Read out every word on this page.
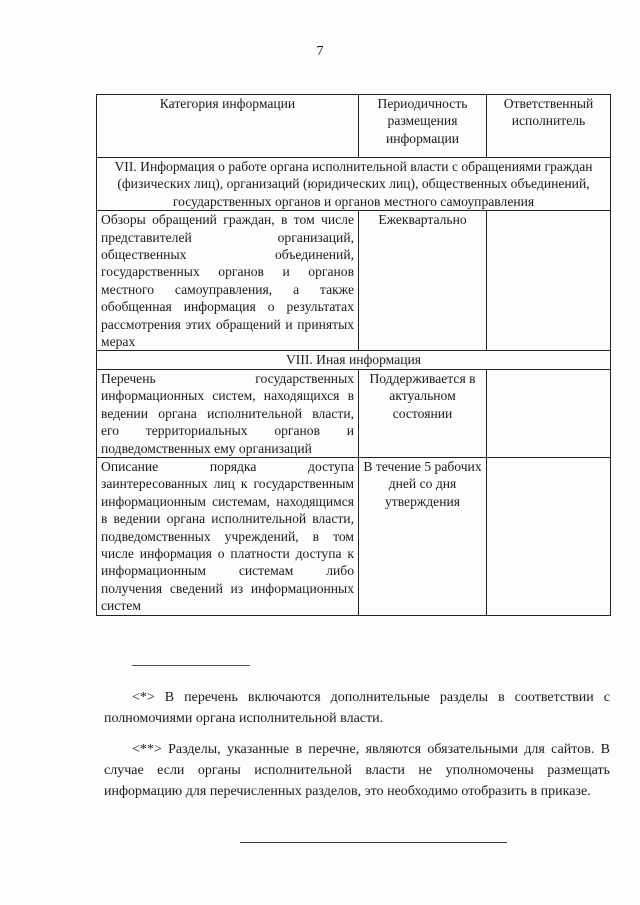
7
Категория информации	Периодичность размещения информации	Ответственный исполнитель
VII. Информация о работе органа исполнительной власти с обращениями граждан (физических лиц), организаций (юридических лиц), общественных объединений, государственных органов и органов местного самоуправления		
Обзоры обращений граждан, в том числе представителей организаций, общественных объединений, государственных органов и органов местного самоуправления, а также обобщенная информация о результатах рассмотрения этих обращений и принятых мерах	Ежеквартально	
VIII. Иная информация		
Перечень государственных информационных систем, находящихся в ведении органа исполнительной власти, его территориальных органов и подведомственных ему организаций	Поддерживается в актуальном состоянии	
Описание порядка доступа заинтересованных лиц к государственным информационным системам, находящимся в ведении органа исполнительной власти, подведомственных учреждений, в том числе информация о платности доступа к информационным системам либо получения сведений из информационных систем	В течение 5 рабочих дней со дня утверждения	

<*> В перечень включаются дополнительные разделы в соответствии с полномочиями органа исполнительной власти.

<**> Разделы, указанные в перечне, являются обязательными для сайтов. В случае если органы исполнительной власти не уполномочены размещать информацию для перечисленных разделов, это необходимо отобразить в приказе.
